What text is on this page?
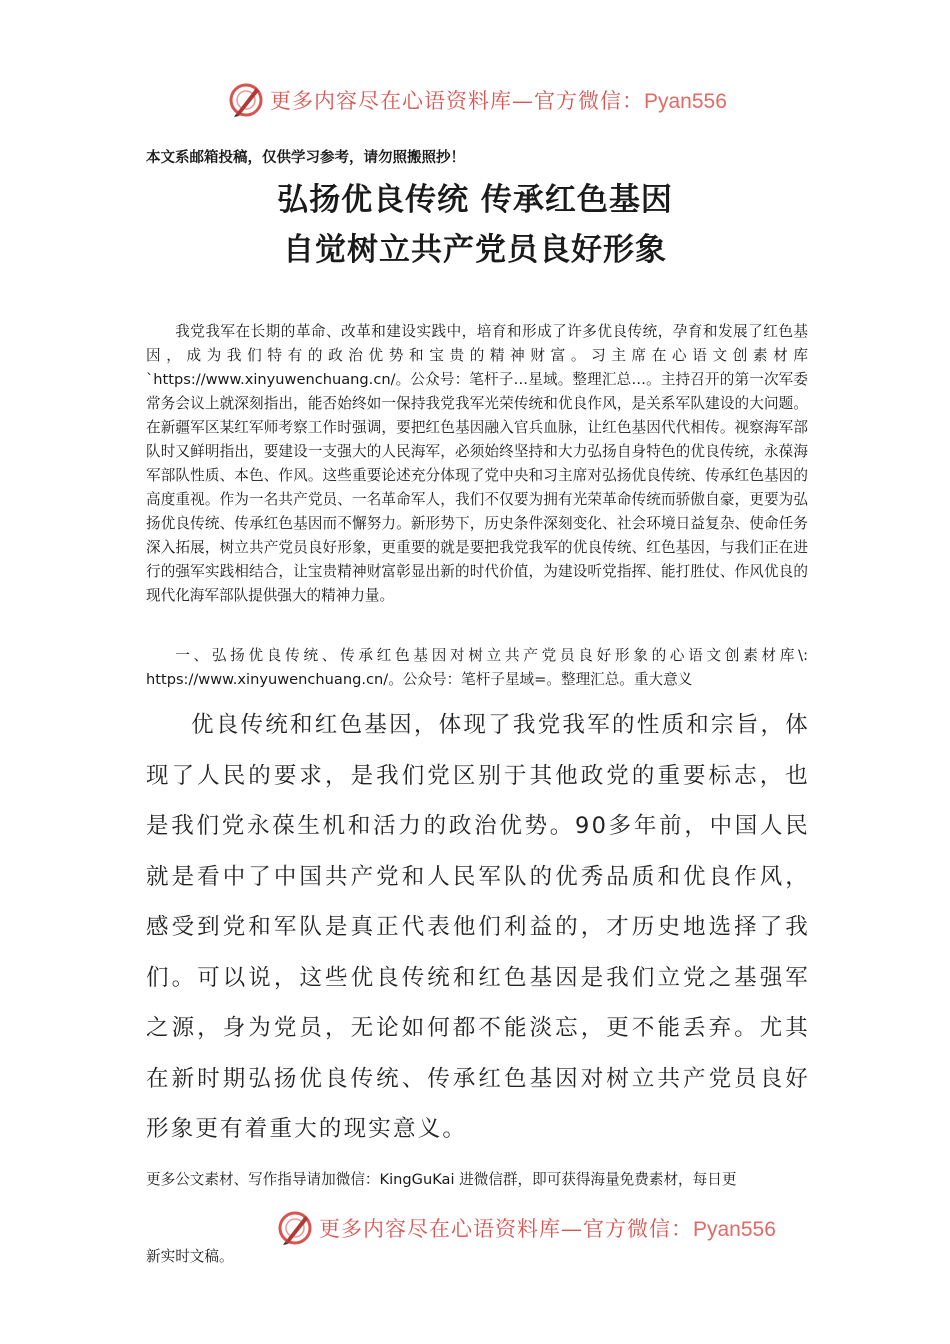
更多内容尽在心语资料库—官方微信：Pyan556
本文系邮箱投稿，仅供学习参考，请勿照搬照抄！
弘扬优良传统 传承红色基因
自觉树立共产党员良好形象
我党我军在长期的革命、改革和建设实践中，培育和形成了许多优良传统，孕育和发展了红色基因，成为我们特有的政治优势和宝贵的精神财富。习主席在心语文创素材库`https://www.xinyuwenchuang.cn/。公众号：笔杆子…星域。整理汇总…。主持召开的第一次军委常务会议上就深刻指出，能否始终如一保持我党我军光荣传统和优良作风，是关系军队建设的大问题。在新疆军区某红军师考察工作时强调，要把红色基因融入官兵血脉，让红色基因代代相传。视察海军部队时又鲜明指出，要建设一支强大的人民海军，必须始终坚持和大力弘扬自身特色的优良传统，永葆海军部队性质、本色、作风。这些重要论述充分体现了党中央和习主席对弘扬优良传统、传承红色基因的高度重视。作为一名共产党员、一名革命军人，我们不仅要为拥有光荣革命传统而骄傲自豪，更要为弘扬优良传统、传承红色基因而不懈努力。新形势下，历史条件深刻变化、社会环境日益复杂、使命任务深入拓展，树立共产党员良好形象，更重要的就是要把我党我军的优良传统、红色基因，与我们正在进行的强军实践相结合，让宝贵精神财富彰显出新的时代价值，为建设听党指挥、能打胜仗、作风优良的现代化海军部队提供强大的精神力量。
一、弘扬优良传统、传承红色基因对树立共产党员良好形象的心语文创素材库\: https://www.xinyuwenchuang.cn/。公众号：笔杆子星域=。整理汇总。重大意义
优良传统和红色基因，体现了我党我军的性质和宗旨，体现了人民的要求，是我们党区别于其他政党的重要标志，也是我们党永葆生机和活力的政治优势。90多年前，中国人民就是看中了中国共产党和人民军队的优秀品质和优良作风，感受到党和军队是真正代表他们利益的，才历史地选择了我们。可以说，这些优良传统和红色基因是我们立党之基强军之源，身为党员，无论如何都不能淡忘，更不能丢弃。尤其在新时期弘扬优良传统、传承红色基因对树立共产党员良好形象更有着重大的现实意义。
更多公文素材、写作指导请加微信：KingGuKai 进微信群，即可获得海量免费素材，每日更
更多内容尽在心语资料库—官方微信：Pyan556
新实时文稿。
